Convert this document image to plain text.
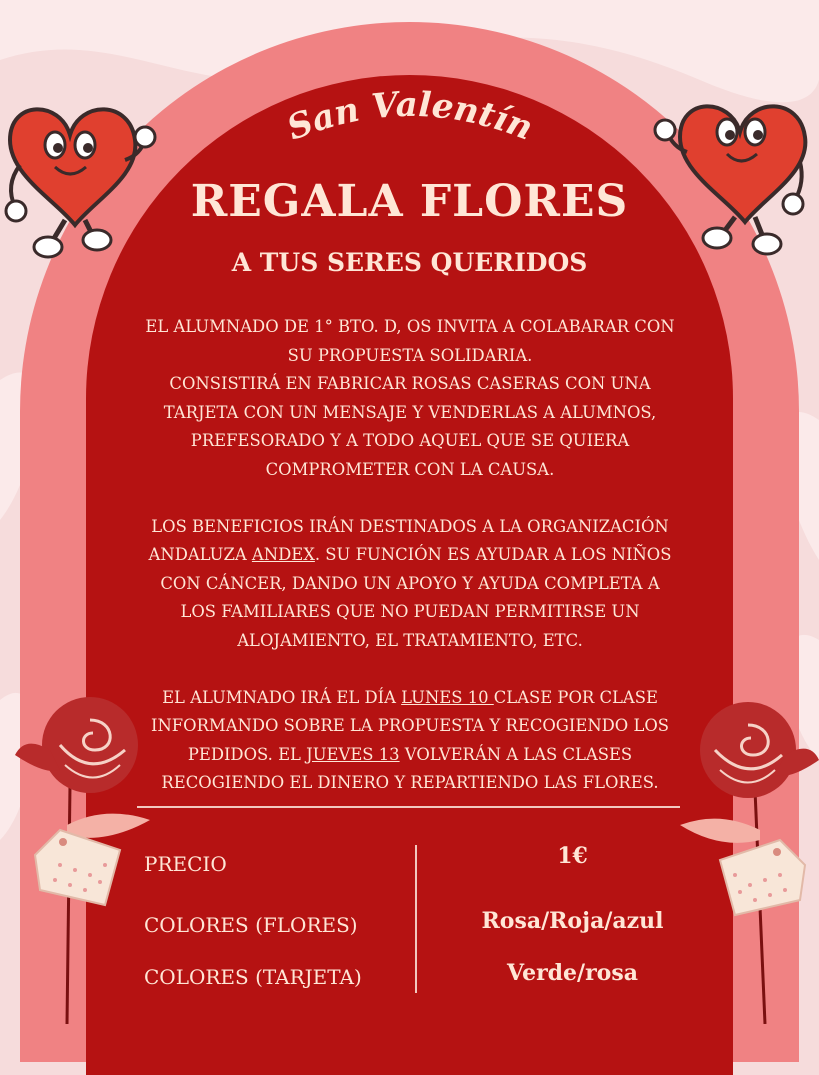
San Valentín
REGALA FLORES
A TUS SERES QUERIDOS

EL ALUMNADO DE 1° BTO. D, OS INVITA A COLABARAR CON
SU PROPUESTA SOLIDARIA.
CONSISTIRÁ EN FABRICAR ROSAS CASERAS CON UNA
TARJETA CON UN MENSAJE Y VENDERLAS A ALUMNOS,
PREFESORADO Y A TODO AQUEL QUE SE QUIERA
COMPROMETER CON LA CAUSA.

LOS BENEFICIOS IRÁN DESTINADOS A LA ORGANIZACIÓN
ANDALUZA ANDEX. SU FUNCIÓN ES AYUDAR A LOS NIÑOS
CON CÁNCER, DANDO UN APOYO Y AYUDA COMPLETA A
LOS FAMILIARES QUE NO PUEDAN PERMITIRSE UN
ALOJAMIENTO, EL TRATAMIENTO, ETC.

EL ALUMNADO IRÁ EL DÍA LUNES 10 CLASE POR CLASE
INFORMANDO SOBRE LA PROPUESTA Y RECOGIENDO LOS
PEDIDOS. EL JUEVES 13 VOLVERÁN A LAS CLASES
RECOGIENDO EL DINERO Y REPARTIENDO LAS FLORES.

PRECIO	1€
COLORES (FLORES)	Rosa/Roja/azul
COLORES (TARJETA)	Verde/rosa
